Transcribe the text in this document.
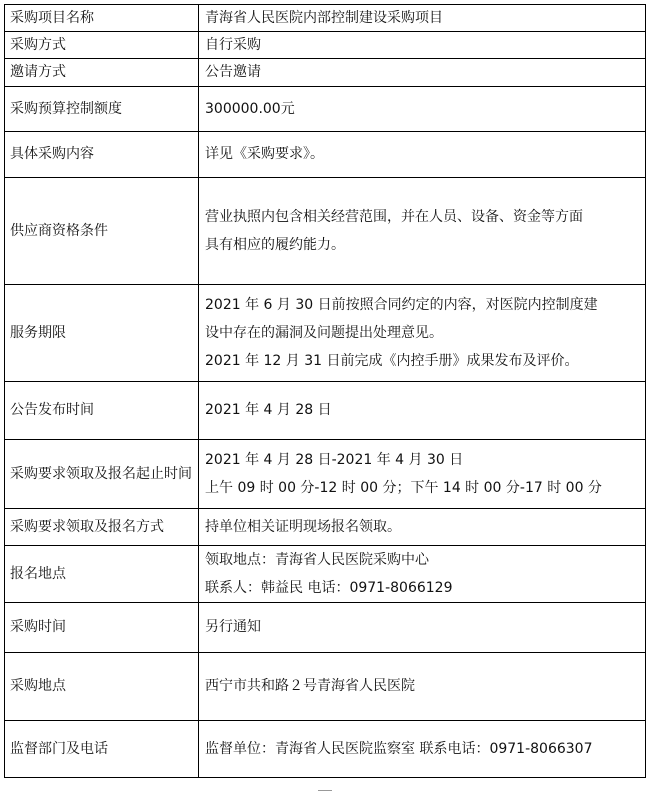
采购项目名称	青海省人民医院内部控制建设采购项目

采购方式	自行采购

邀请方式	公告邀请

采购预算控制额度	300000.00元

具体采购内容	详见《采购要求》。

供应商资格条件	营业执照内包含相关经营范围，并在人员、设备、资金等方面
具有相应的履约能力。

服务期限	2021 年 6 月 30 日前按照合同约定的内容，对医院内控制度建
设中存在的漏洞及问题提出处理意见。
2021 年 12 月 31 日前完成《内控手册》成果发布及评价。

公告发布时间	2021 年 4 月 28 日

采购要求领取及报名起止时间	2021 年 4 月 28 日-2021 年 4 月 30 日
上午 09 时 00 分-12 时 00 分；下午 14 时 00 分-17 时 00 分

采购要求领取及报名方式	持单位相关证明现场报名领取。

报名地点	领取地点：青海省人民医院采购中心
联系人：韩益民 电话：0971-8066129

采购时间	另行通知

采购地点	西宁市共和路２号青海省人民医院

监督部门及电话	监督单位：青海省人民医院监察室 联系电话：0971-8066307
